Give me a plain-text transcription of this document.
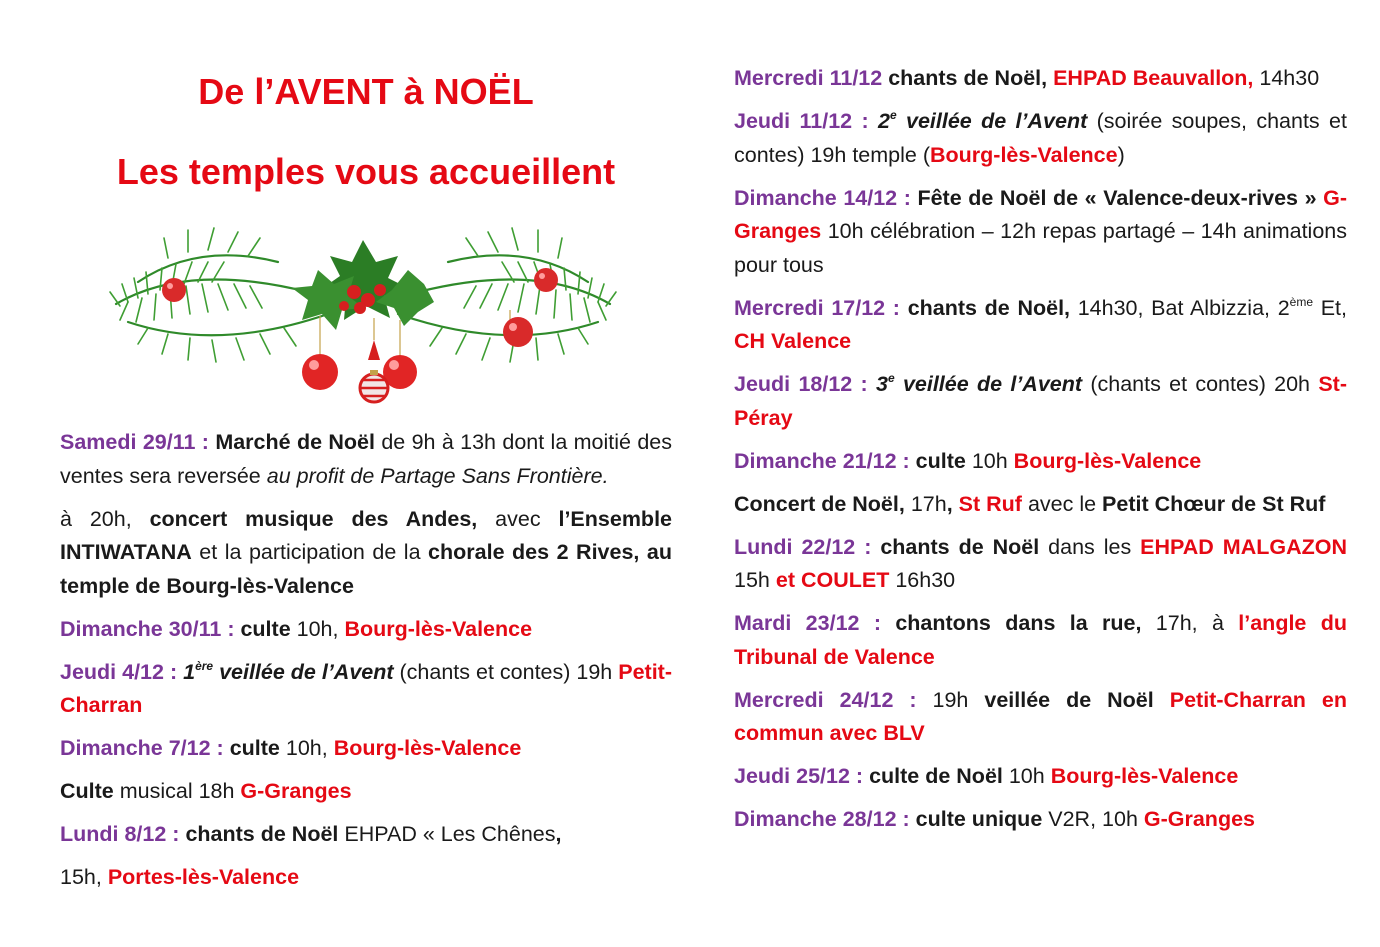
De l’AVENT à NOËL
Les temples vous accueillent

Samedi 29/11 : Marché de Noël de 9h à 13h dont la moitié des ventes sera reversée au profit de Partage Sans Frontière.

à 20h, concert musique des Andes, avec l’Ensemble INTIWATANA et la participation de la chorale des 2 Rives, au temple de Bourg-lès-Valence

Dimanche 30/11 : culte 10h, Bourg-lès-Valence

Jeudi 4/12 : 1ère veillée de l’Avent (chants et contes) 19h Petit-Charran

Dimanche 7/12 : culte 10h, Bourg-lès-Valence

Culte musical 18h G-Granges

Lundi 8/12 : chants de Noël EHPAD « Les Chênes,

15h, Portes-lès-Valence

Mercredi 11/12 chants de Noël, EHPAD Beauvallon, 14h30

Jeudi 11/12 : 2e veillée de l’Avent (soirée soupes, chants et contes) 19h temple (Bourg-lès-Valence)

Dimanche 14/12 : Fête de Noël de « Valence-deux-rives » G-Granges 10h célébration – 12h repas partagé – 14h animations pour tous

Mercredi 17/12 : chants de Noël, 14h30, Bat Albizzia, 2ème Et, CH Valence

Jeudi 18/12 : 3e veillée de l’Avent (chants et contes) 20h St-Péray

Dimanche 21/12 : culte 10h Bourg-lès-Valence

Concert de Noël, 17h, St Ruf avec le Petit Chœur de St Ruf

Lundi 22/12 : chants de Noël dans les EHPAD MALGAZON 15h et COULET 16h30

Mardi 23/12 : chantons dans la rue, 17h, à l’angle du Tribunal de Valence

Mercredi 24/12 : 19h veillée de Noël Petit-Charran en commun avec BLV

Jeudi 25/12 : culte de Noël 10h Bourg-lès-Valence

Dimanche 28/12 : culte unique V2R, 10h G-Granges
